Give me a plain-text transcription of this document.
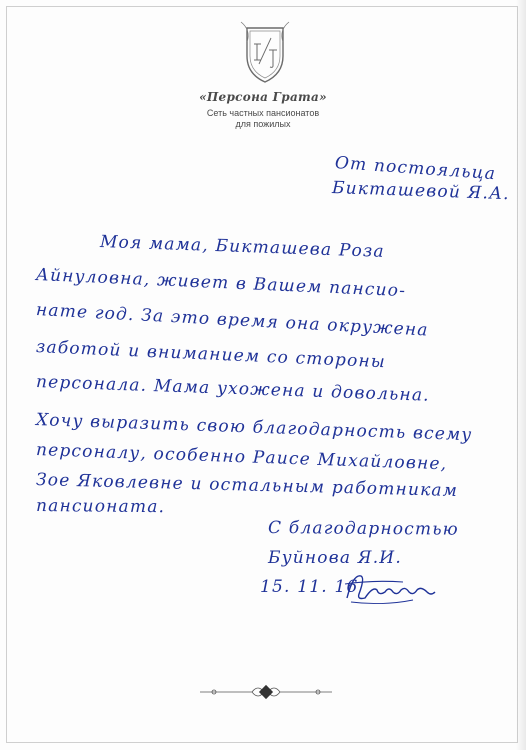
«Персона Грата»
Сеть частных пансионатов
для пожилых
От постояльца
Бикташевой Я.А.
Моя мама, Бикташева Роза
Айнуловна, живет в Вашем пансио-
нате год. За это время она окружена
заботой и вниманием со стороны
персонала. Мама ухожена и довольна.
Хочу выразить свою благодарность всему
персоналу, особенно Раисе Михайловне,
Зое Яковлевне и остальным работникам
пансионата.
С благодарностью
Буйнова Я.И.
15. 11. 16
